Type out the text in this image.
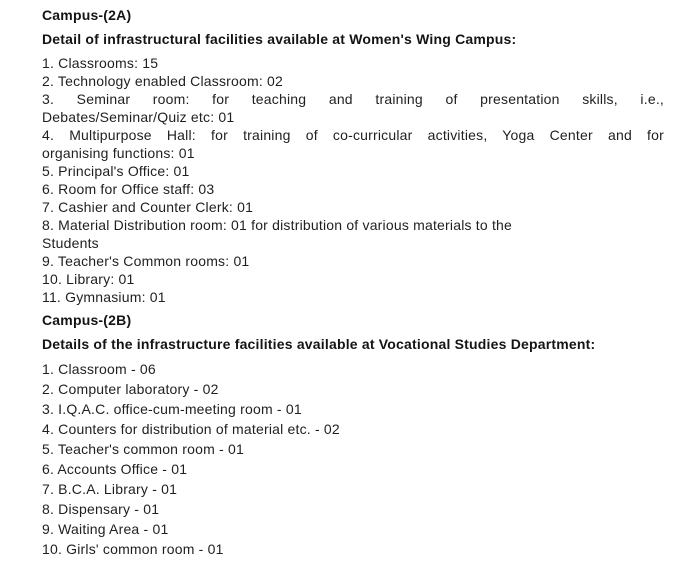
Campus-(2A)
Detail of infrastructural facilities available at Women's Wing Campus:
1. Classrooms: 15
2. Technology enabled Classroom: 02
3. Seminar room: for teaching and training of presentation skills, i.e.,
Debates/Seminar/Quiz etc: 01
4. Multipurpose Hall: for training of co-curricular activities, Yoga Center and for
organising functions: 01
5. Principal's Office: 01
6. Room for Office staff: 03
7. Cashier and Counter Clerk: 01
8. Material Distribution room: 01 for distribution of various materials to the
Students
9. Teacher's Common rooms: 01
10. Library: 01
11. Gymnasium: 01
Campus-(2B)
Details of the infrastructure facilities available at Vocational Studies Department:
1. Classroom - 06
2. Computer laboratory - 02
3. I.Q.A.C. office-cum-meeting room - 01
4. Counters for distribution of material etc. - 02
5. Teacher's common room - 01
6. Accounts Office - 01
7. B.C.A. Library - 01
8. Dispensary - 01
9. Waiting Area - 01
10. Girls' common room - 01
